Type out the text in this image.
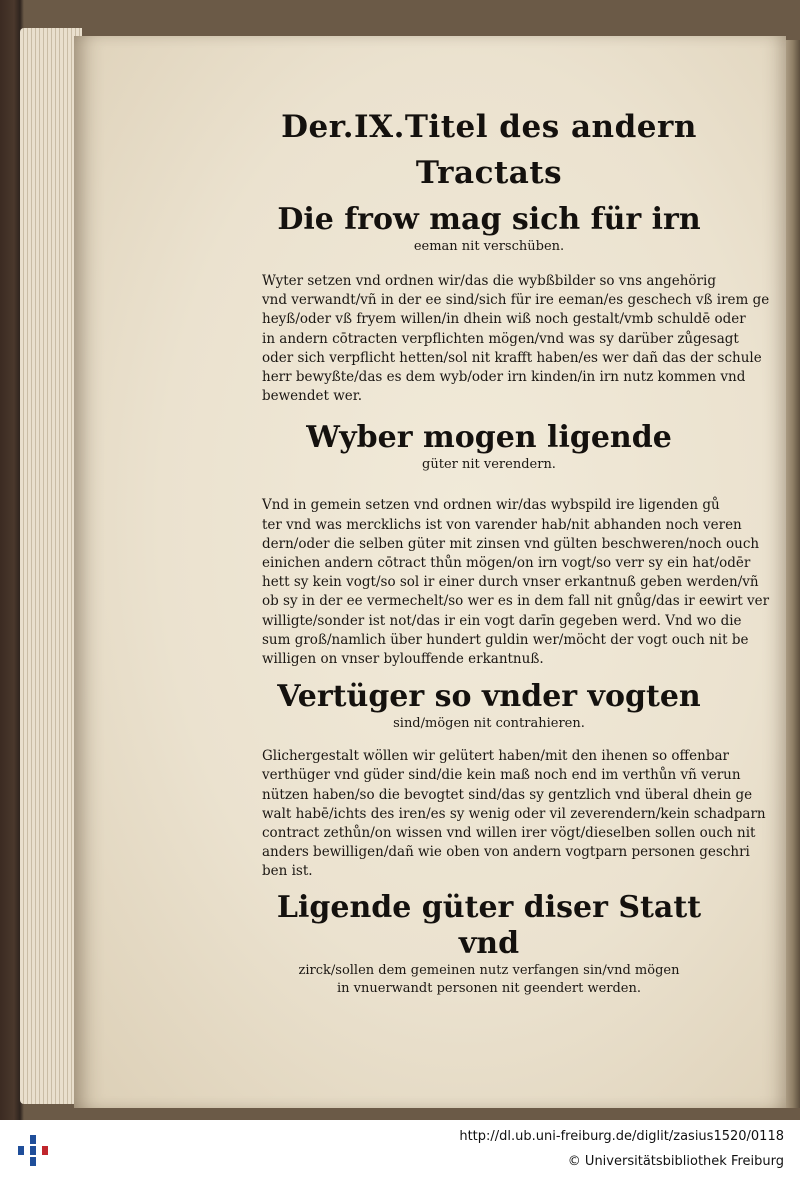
Der.IX.Titel des andern Tractats
Die frow mag sich für irn

eeman nit verschüben.

Wyter setzen vnd ordnen wir/das die wybßbilder so vns angehörig
vnd verwandt/vñ in der ee sind/sich für ire eeman/es geschech vß irem ge
heyß/oder vß fryem willen/in dhein wiß noch gestalt/vmb schuldē oder
in andern cōtracten verpflichten mögen/vnd was sy darüber zůgesagt
oder sich verpflicht hetten/sol nit krafft haben/es wer dañ das der schule
herr bewyßte/das es dem wyb/oder irn kinden/in irn nutz kommen vnd
bewendet wer.
Wyber mogen ligende

güter nit verendern.

Vnd in gemein setzen vnd ordnen wir/das wybspild ire ligenden gů
ter vnd was mercklichs ist von varender hab/nit abhanden noch veren
dern/oder die selben güter mit zinsen vnd gülten beschweren/noch ouch
einichen andern cōtract thůn mögen/on irn vogt/so verr sy ein hat/odēr
hett sy kein vogt/so sol ir einer durch vnser erkantnuß geben werden/vñ
ob sy in der ee vermechelt/so wer es in dem fall nit gnůg/das ir eewirt ver
willigte/sonder ist not/das ir ein vogt darīn gegeben werd. Vnd wo die
sum groß/namlich über hundert guldin wer/möcht der vogt ouch nit be
willigen on vnser bylouffende erkantnuß.
Vertüger so vnder vogten

sind/mögen nit contrahieren.

Glichergestalt wöllen wir gelütert haben/mit den ihenen so offenbar
verthüger vnd güder sind/die kein maß noch end im verthůn vñ verun
nützen haben/so die bevogtet sind/das sy gentzlich vnd überal dhein ge
walt habē/ichts des iren/es sy wenig oder vil zeverendern/kein schadparn
contract zethůn/on wissen vnd willen irer vögt/dieselben sollen ouch nit
anders bewilligen/dañ wie oben von andern vogtparn personen geschri
ben ist.
Ligende güter diser Statt vnd

zirck/sollen dem gemeinen nutz verfangen sin/vnd mögen

in vnuerwandt personen nit geendert werden.

http://dl.ub.uni-freiburg.de/diglit/zasius1520/0118
© Universitätsbibliothek Freiburg
